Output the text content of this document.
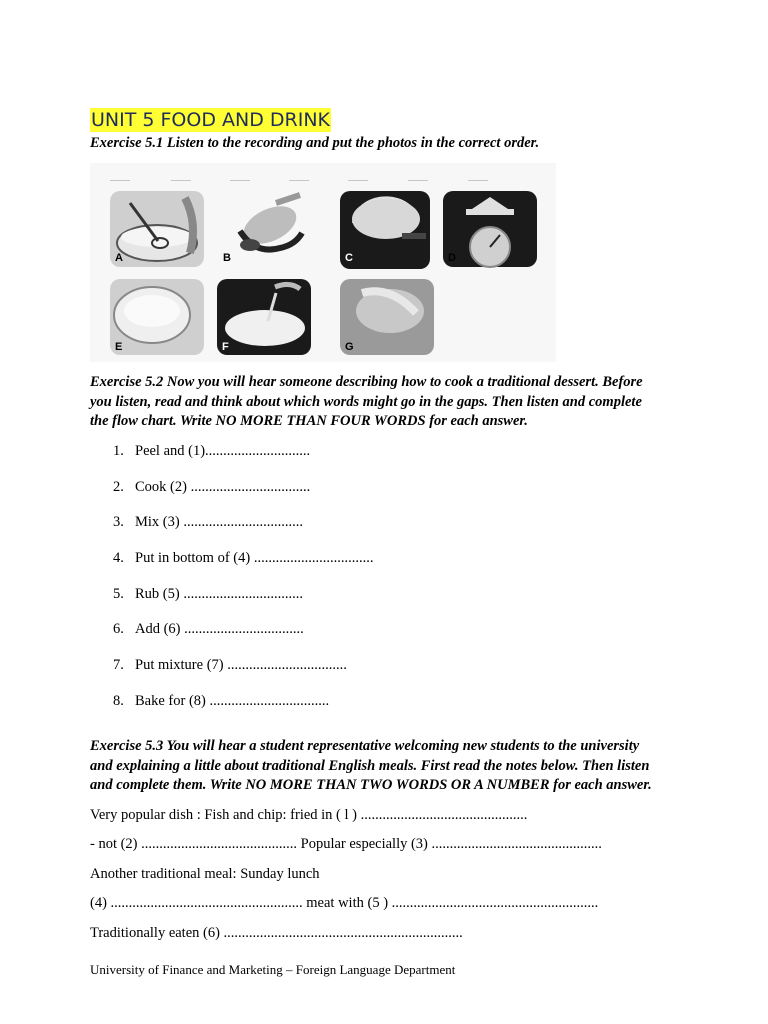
UNIT 5 FOOD AND DRINK
Exercise 5.1 Listen to the recording and put the photos in the correct order.
..........	..........	..........	..........	..........	..........	..........
A	B	C	D
E	F	G
Exercise 5.2 Now you will hear someone describing how to cook a traditional dessert. Before
you listen, read and think about which words might go in the gaps. Then listen and complete
the flow chart. Write NO MORE THAN FOUR WORDS for each answer.
1. Peel and (1).............................
2. Cook (2) .................................
3. Mix (3) .................................
4. Put in bottom of (4) .................................
5. Rub (5) .................................
6. Add (6) .................................
7. Put mixture (7) .................................
8. Bake for (8) .................................
Exercise 5.3 You will hear a student representative welcoming new students to the university
and explaining a little about traditional English meals. First read the notes below. Then listen
and complete them. Write NO MORE THAN TWO WORDS OR A NUMBER for each answer.
Very popular dish : Fish and chip: fried in ( l ) ..............................................
- not (2) ........................................... Popular especially (3) ...............................................
Another traditional meal: Sunday lunch
(4) ..................................................... meat with (5 ) .........................................................
Traditionally eaten (6) ..................................................................
University of Finance and Marketing – Foreign Language Department
